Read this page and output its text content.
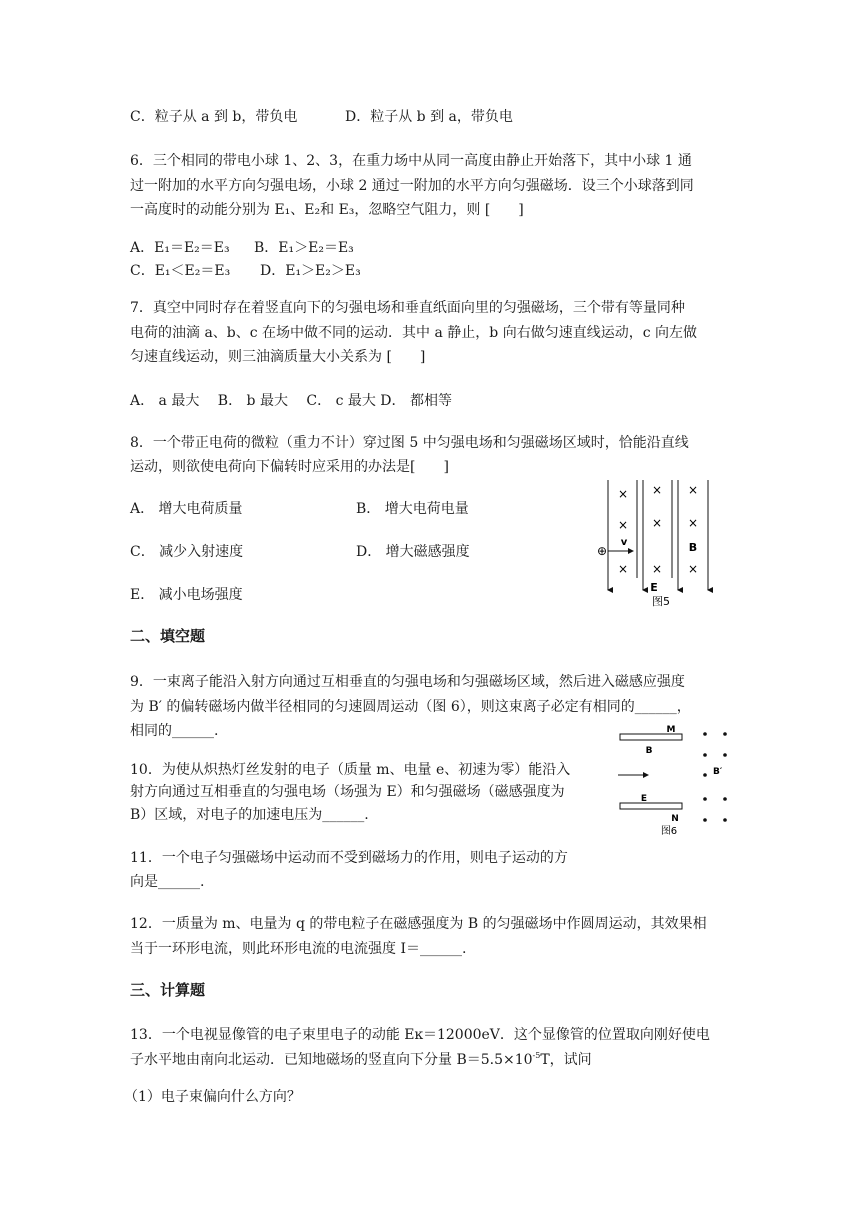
C．粒子从 a 到 b，带负电	D．粒子从 b 到 a，带负电
6．三个相同的带电小球 1、2、3，在重力场中从同一高度由静止开始落下，其中小球 1 通
过一附加的水平方向匀强电场，小球 2 通过一附加的水平方向匀强磁场．设三个小球落到同
一高度时的动能分别为 E₁、E₂和 E₃，忽略空气阻力，则 [　　]
A．E₁＝E₂＝E₃ B．E₁＞E₂＝E₃
C．E₁＜E₂＝E₃ D．E₁＞E₂＞E₃
7．真空中同时存在着竖直向下的匀强电场和垂直纸面向里的匀强磁场，三个带有等量同种
电荷的油滴 a、b、c 在场中做不同的运动．其中 a 静止，b 向右做匀速直线运动，c 向左做
匀速直线运动，则三油滴质量大小关系为 [　　]
A． a 最大　 B． b 最大　 C． c 最大 D． 都相等
8．一个带正电荷的微粒（重力不计）穿过图 5 中匀强电场和匀强磁场区域时，恰能沿直线
运动，则欲使电荷向下偏转时应采用的办法是[　　]
A． 增大电荷质量	B． 增大电荷电量
C． 减少入射速度	D． 增大磁感强度
E． 减小电场强度
× × ×
× × ×
× × ×
v	B
⊕
E
图5
二、填空题
9．一束离子能沿入射方向通过互相垂直的匀强电场和匀强磁场区域，然后进入磁感应强度
为 B′ 的偏转磁场内做半径相同的匀速圆周运动（图 6），则这束离子必定有相同的______，
相同的______.	M
B
E
N
图6
B′
10．为使从炽热灯丝发射的电子（质量 m、电量 e、初速为零）能沿入
射方向通过互相垂直的匀强电场（场强为 E）和匀强磁场（磁感强度为
B）区域，对电子的加速电压为______.
11．一个电子匀强磁场中运动而不受到磁场力的作用，则电子运动的方
向是______.
12．一质量为 m、电量为 q 的带电粒子在磁感强度为 B 的匀强磁场中作圆周运动，其效果相
当于一环形电流，则此环形电流的电流强度 I＝______.
三、计算题
13．一个电视显像管的电子束里电子的动能 Eĸ＝12000eV．这个显像管的位置取向刚好使电
子水平地由南向北运动．已知地磁场的竖直向下分量 $B=5.5\times 10^{-5}T$，试问
（1）电子束偏向什么方向？
